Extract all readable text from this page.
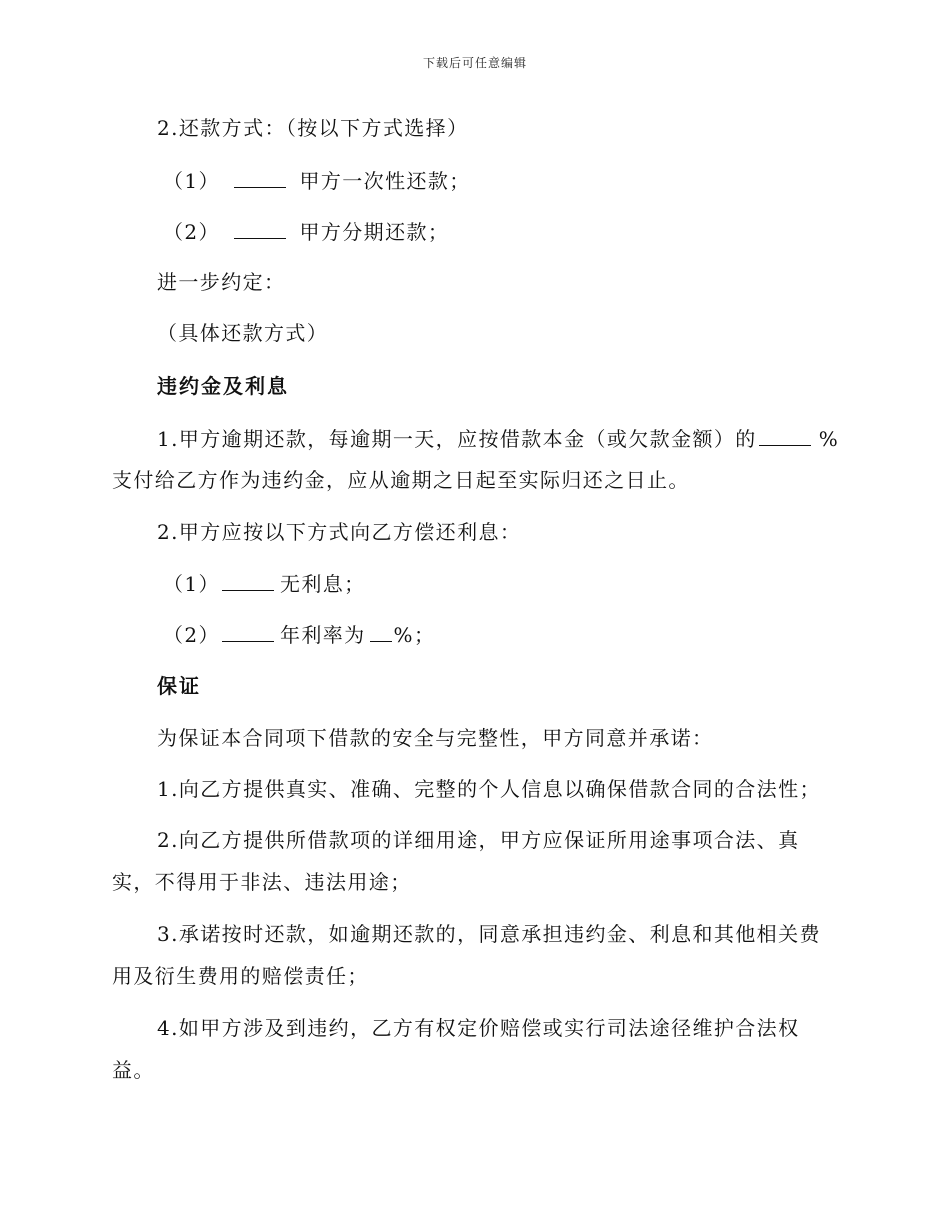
下载后可任意编辑
2.还款方式：（按以下方式选择）
（1）	甲方一次性还款；
（2）	甲方分期还款；
进一步约定：
（具体还款方式）
违约金及利息
1.甲方逾期还款，每逾期一天，应按借款本金（或欠款金额）的	%
支付给乙方作为违约金，应从逾期之日起至实际归还之日止。
2.甲方应按以下方式向乙方偿还利息：
（1）	无利息；
（2）	年利率为 %；
保证
为保证本合同项下借款的安全与完整性，甲方同意并承诺：
1.向乙方提供真实、准确、完整的个人信息以确保借款合同的合法性；
2.向乙方提供所借款项的详细用途，甲方应保证所用途事项合法、真
实，不得用于非法、违法用途；
3.承诺按时还款，如逾期还款的，同意承担违约金、利息和其他相关费
用及衍生费用的赔偿责任；
4.如甲方涉及到违约，乙方有权定价赔偿或实行司法途径维护合法权
益。
